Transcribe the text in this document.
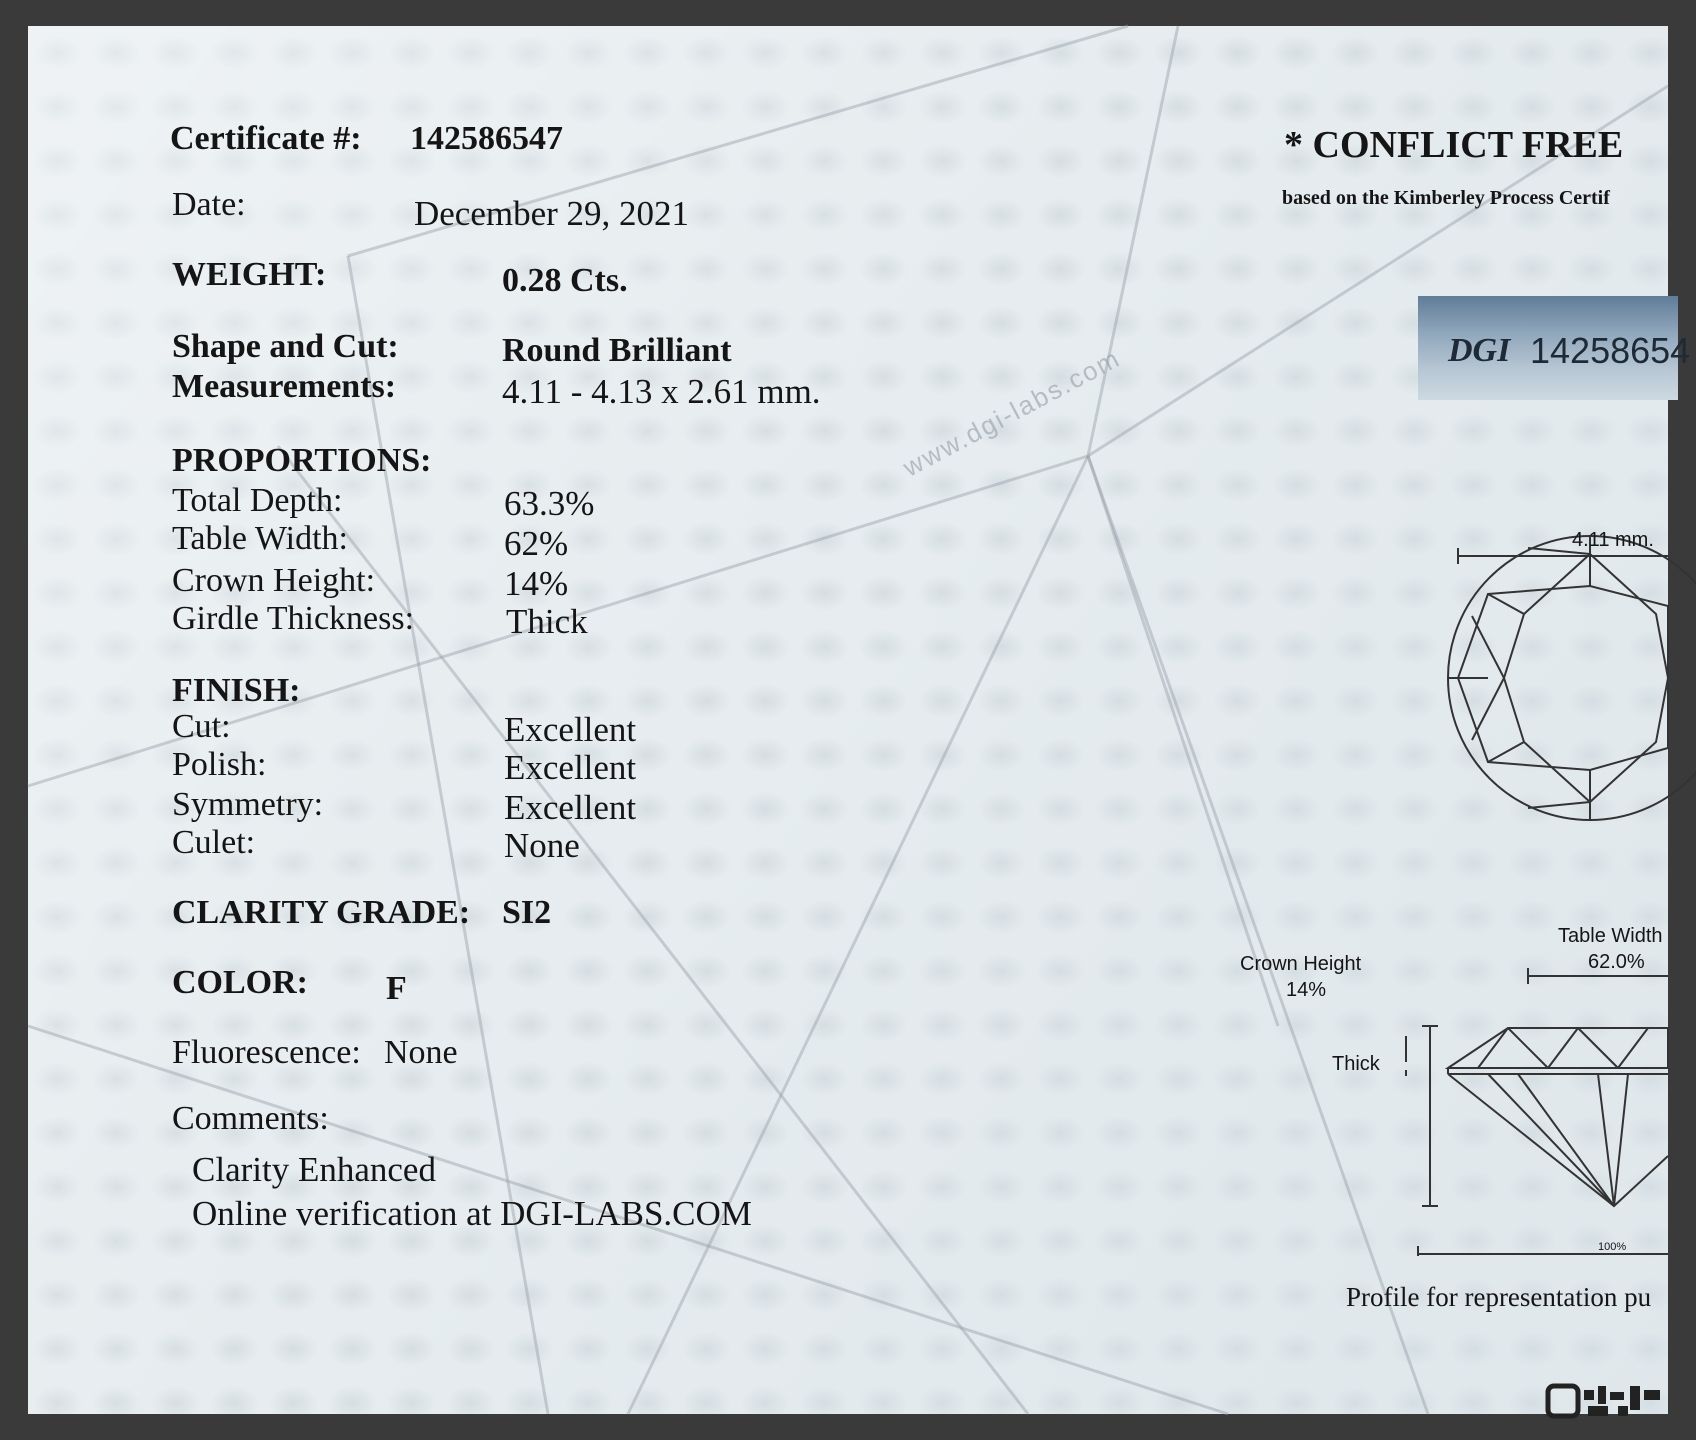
www.dgi-labs.com
Certificate #: 142586547
Date:	December 29, 2021
WEIGHT:	0.28 Cts.
Shape and Cut:	Round Brilliant
Measurements:	4.11 - 4.13 x 2.61 mm.
PROPORTIONS:
Total Depth:	63.3%
Table Width:	62%
Crown Height:	14%
Girdle Thickness:	Thick
FINISH:
Cut:	Excellent
Polish:	Excellent
Symmetry:	Excellent
Culet:	None
CLARITY GRADE: SI2
COLOR: F
Fluorescence: None
Comments:
Clarity Enhanced
Online verification at DGI-LABS.COM
* CONFLICT FREE
based on the Kimberley Process Certif
DGI 14258654
4.11 mm.
Table Width
62.0%
Crown Height
14%
Thick
100%
Profile for representation pu
